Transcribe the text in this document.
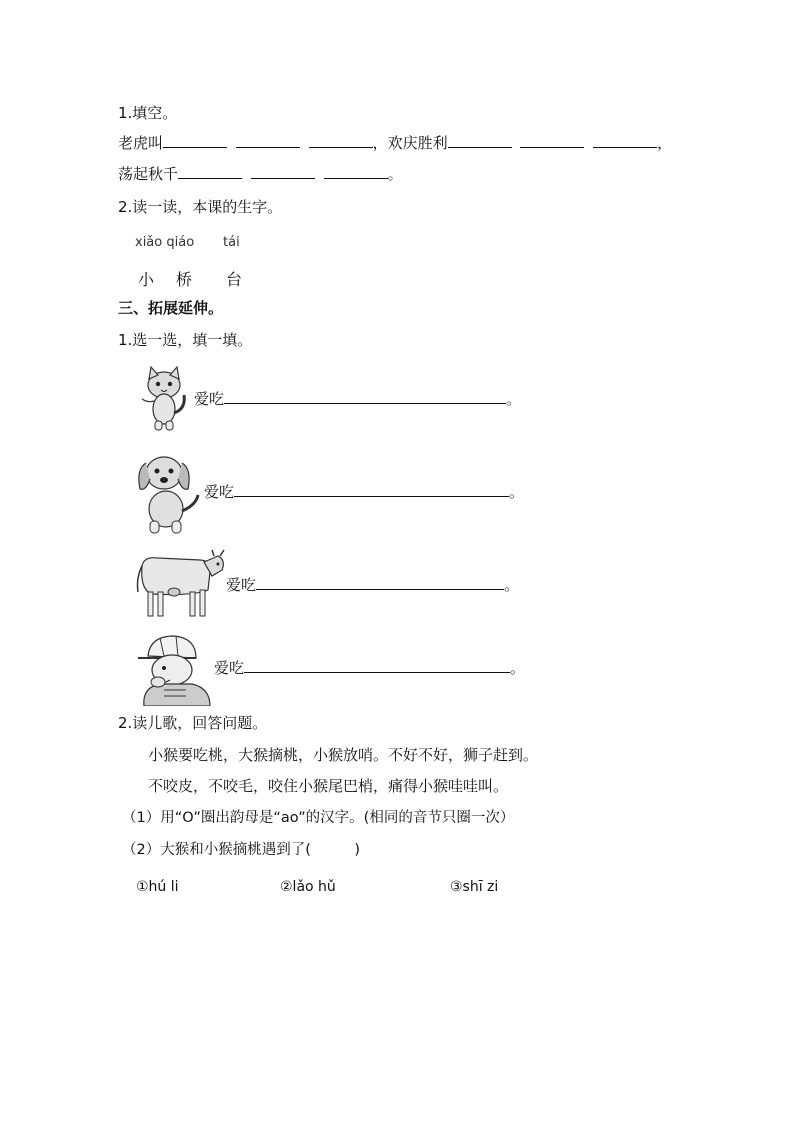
1.填空。
老虎叫	，欢庆胜利	，
荡起秋千	。
2.读一读，本课的生字。
xiǎo qiáo tái
小 桥 台
三、拓展延伸。
1.选一选，填一填。
爱吃	。
爱吃	。
爱吃	。
爱吃	。
2.读儿歌，回答问题。
小猴要吃桃，大猴摘桃，小猴放哨。不好不好，狮子赶到。
不咬皮，不咬毛，咬住小猴尾巴梢，痛得小猴哇哇叫。
（1）用“O”圈出韵母是“ao”的汉字。(相同的音节只圈一次）
（2）大猴和小猴摘桃遇到了(　　　)
①hú li	②lǎo hǔ	③shī zi
